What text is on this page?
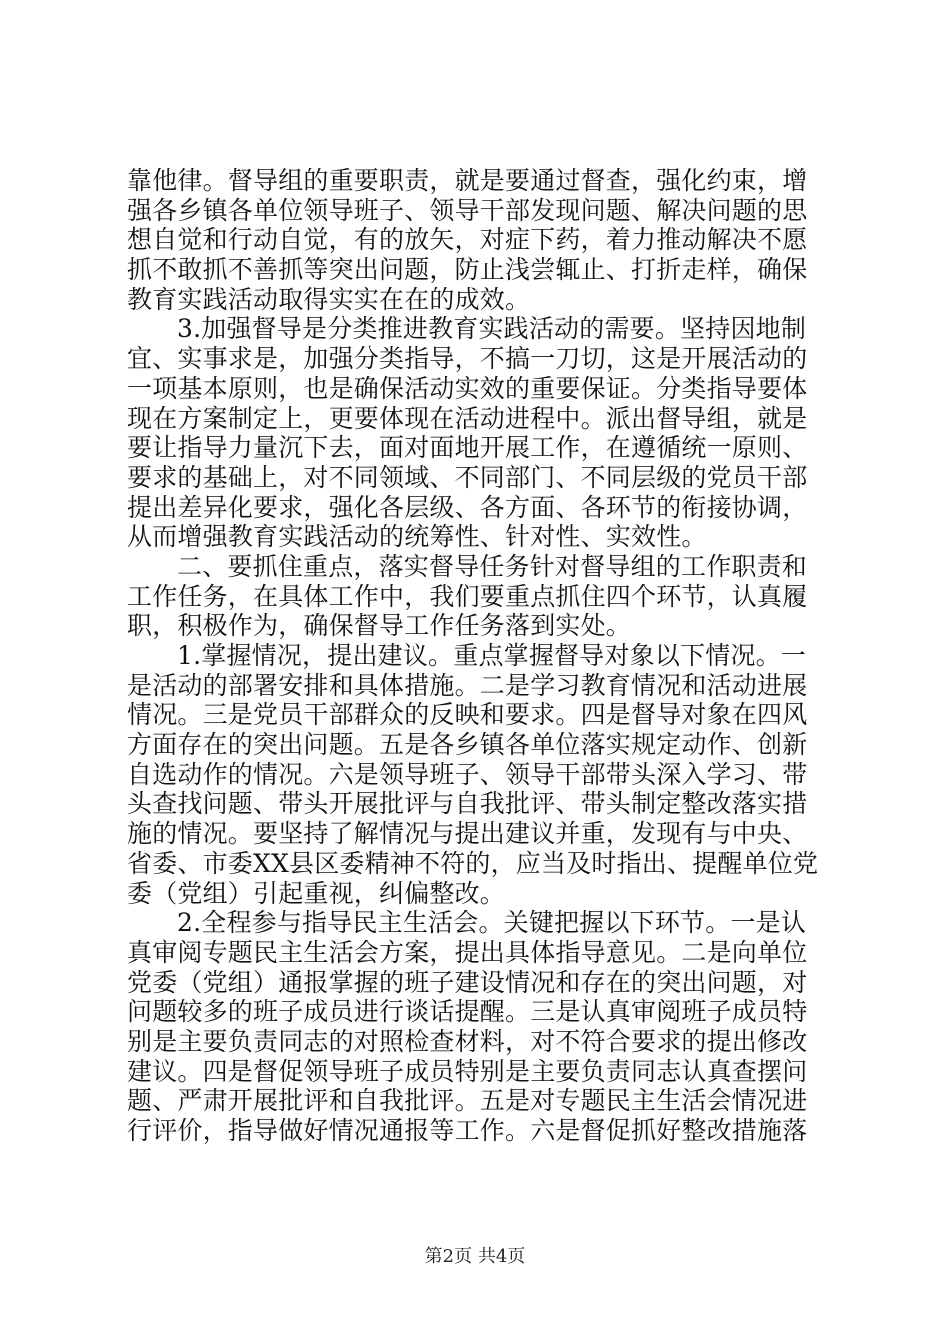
靠他律。督导组的重要职责，就是要通过督查，强化约束，增
强各乡镇各单位领导班子、领导干部发现问题、解决问题的思
想自觉和行动自觉，有的放矢，对症下药，着力推动解决不愿
抓不敢抓不善抓等突出问题，防止浅尝辄止、打折走样，确保
教育实践活动取得实实在在的成效。
3.加强督导是分类推进教育实践活动的需要。坚持因地制
宜、实事求是，加强分类指导，不搞一刀切，这是开展活动的
一项基本原则，也是确保活动实效的重要保证。分类指导要体
现在方案制定上，更要体现在活动进程中。派出督导组，就是
要让指导力量沉下去，面对面地开展工作，在遵循统一原则、
要求的基础上，对不同领域、不同部门、不同层级的党员干部
提出差异化要求，强化各层级、各方面、各环节的衔接协调，
从而增强教育实践活动的统筹性、针对性、实效性。
二、要抓住重点，落实督导任务针对督导组的工作职责和
工作任务，在具体工作中，我们要重点抓住四个环节，认真履
职，积极作为，确保督导工作任务落到实处。
1.掌握情况，提出建议。重点掌握督导对象以下情况。一
是活动的部署安排和具体措施。二是学习教育情况和活动进展
情况。三是党员干部群众的反映和要求。四是督导对象在四风
方面存在的突出问题。五是各乡镇各单位落实规定动作、创新
自选动作的情况。六是领导班子、领导干部带头深入学习、带
头查找问题、带头开展批评与自我批评、带头制定整改落实措
施的情况。要坚持了解情况与提出建议并重，发现有与中央、
省委、市委XX县区委精神不符的，应当及时指出、提醒单位党
委（党组）引起重视，纠偏整改。
2.全程参与指导民主生活会。关键把握以下环节。一是认
真审阅专题民主生活会方案，提出具体指导意见。二是向单位
党委（党组）通报掌握的班子建设情况和存在的突出问题，对
问题较多的班子成员进行谈话提醒。三是认真审阅班子成员特
别是主要负责同志的对照检查材料，对不符合要求的提出修改
建议。四是督促领导班子成员特别是主要负责同志认真查摆问
题、严肃开展批评和自我批评。五是对专题民主生活会情况进
行评价，指导做好情况通报等工作。六是督促抓好整改措施落
第2页 共4页
